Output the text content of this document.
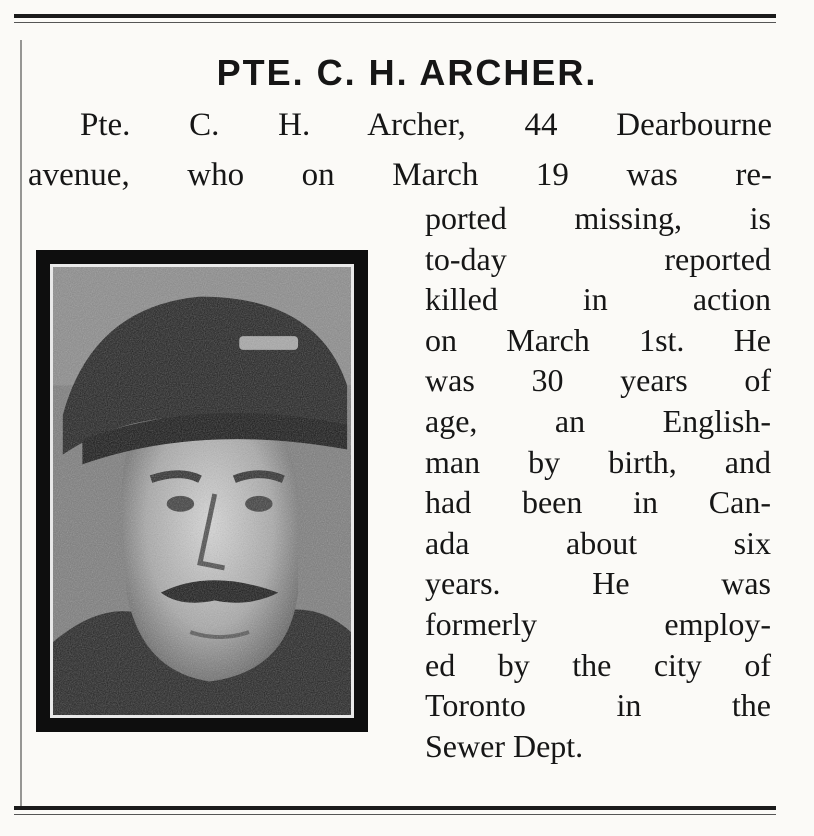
PTE. C. H. ARCHER.
Pte. C. H. Archer, 44 Dearbourne
avenue, who on March 19 was re-
ported missing, is
to-day reported
killed in action
on March 1st. He
was 30 years of
age, an English-
man by birth, and
had been in Can-
ada about six
years. He was
formerly employ-
ed by the city of
Toronto in the
Sewer Dept.
